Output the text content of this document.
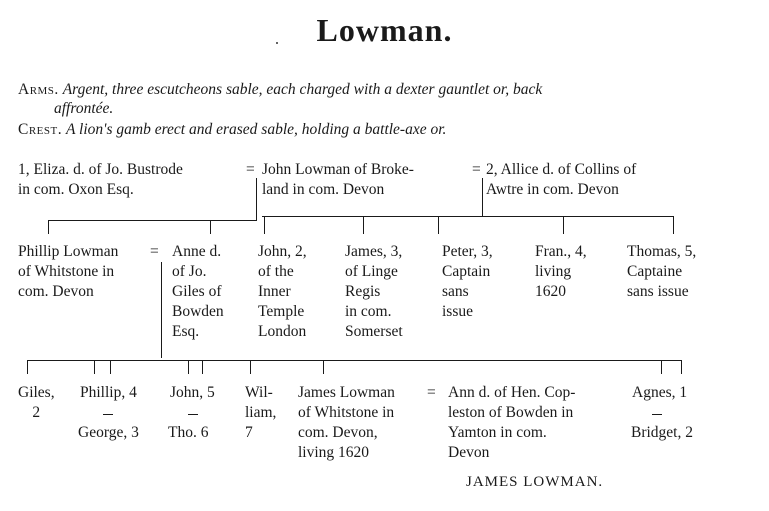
Lowman.
Arms. Argent, three escutcheons sable, each charged with a dexter gauntlet or, back
affrontée.
Crest. A lion's gamb erect and erased sable, holding a battle-axe or.
1, Eliza. d. of Jo. Bustrode
in com. Oxon Esq.
= John Lowman of Broke-
land in com. Devon
= 2, Allice d. of Collins of
Awtre in com. Devon
Phillip Lowman
of Whitstone in
com. Devon
= Anne d.
of Jo.
Giles of
Bowden
Esq.
John, 2,
of the
Inner
Temple
London
James, 3,
of Linge
Regis
in com.
Somerset
Peter, 3,
Captain
sans
issue
Fran., 4,
living
1620
Thomas, 5,
Captaine
sans issue
Giles,
2
Phillip, 4
George, 3
John, 5
Tho. 6
Wil-
liam,
7
James Lowman
of Whitstone in
com. Devon,
living 1620
= Ann d. of Hen. Cop-
leston of Bowden in
Yamton in com.
Devon
Agnes, 1
Bridget, 2
JAMES LOWMAN.
